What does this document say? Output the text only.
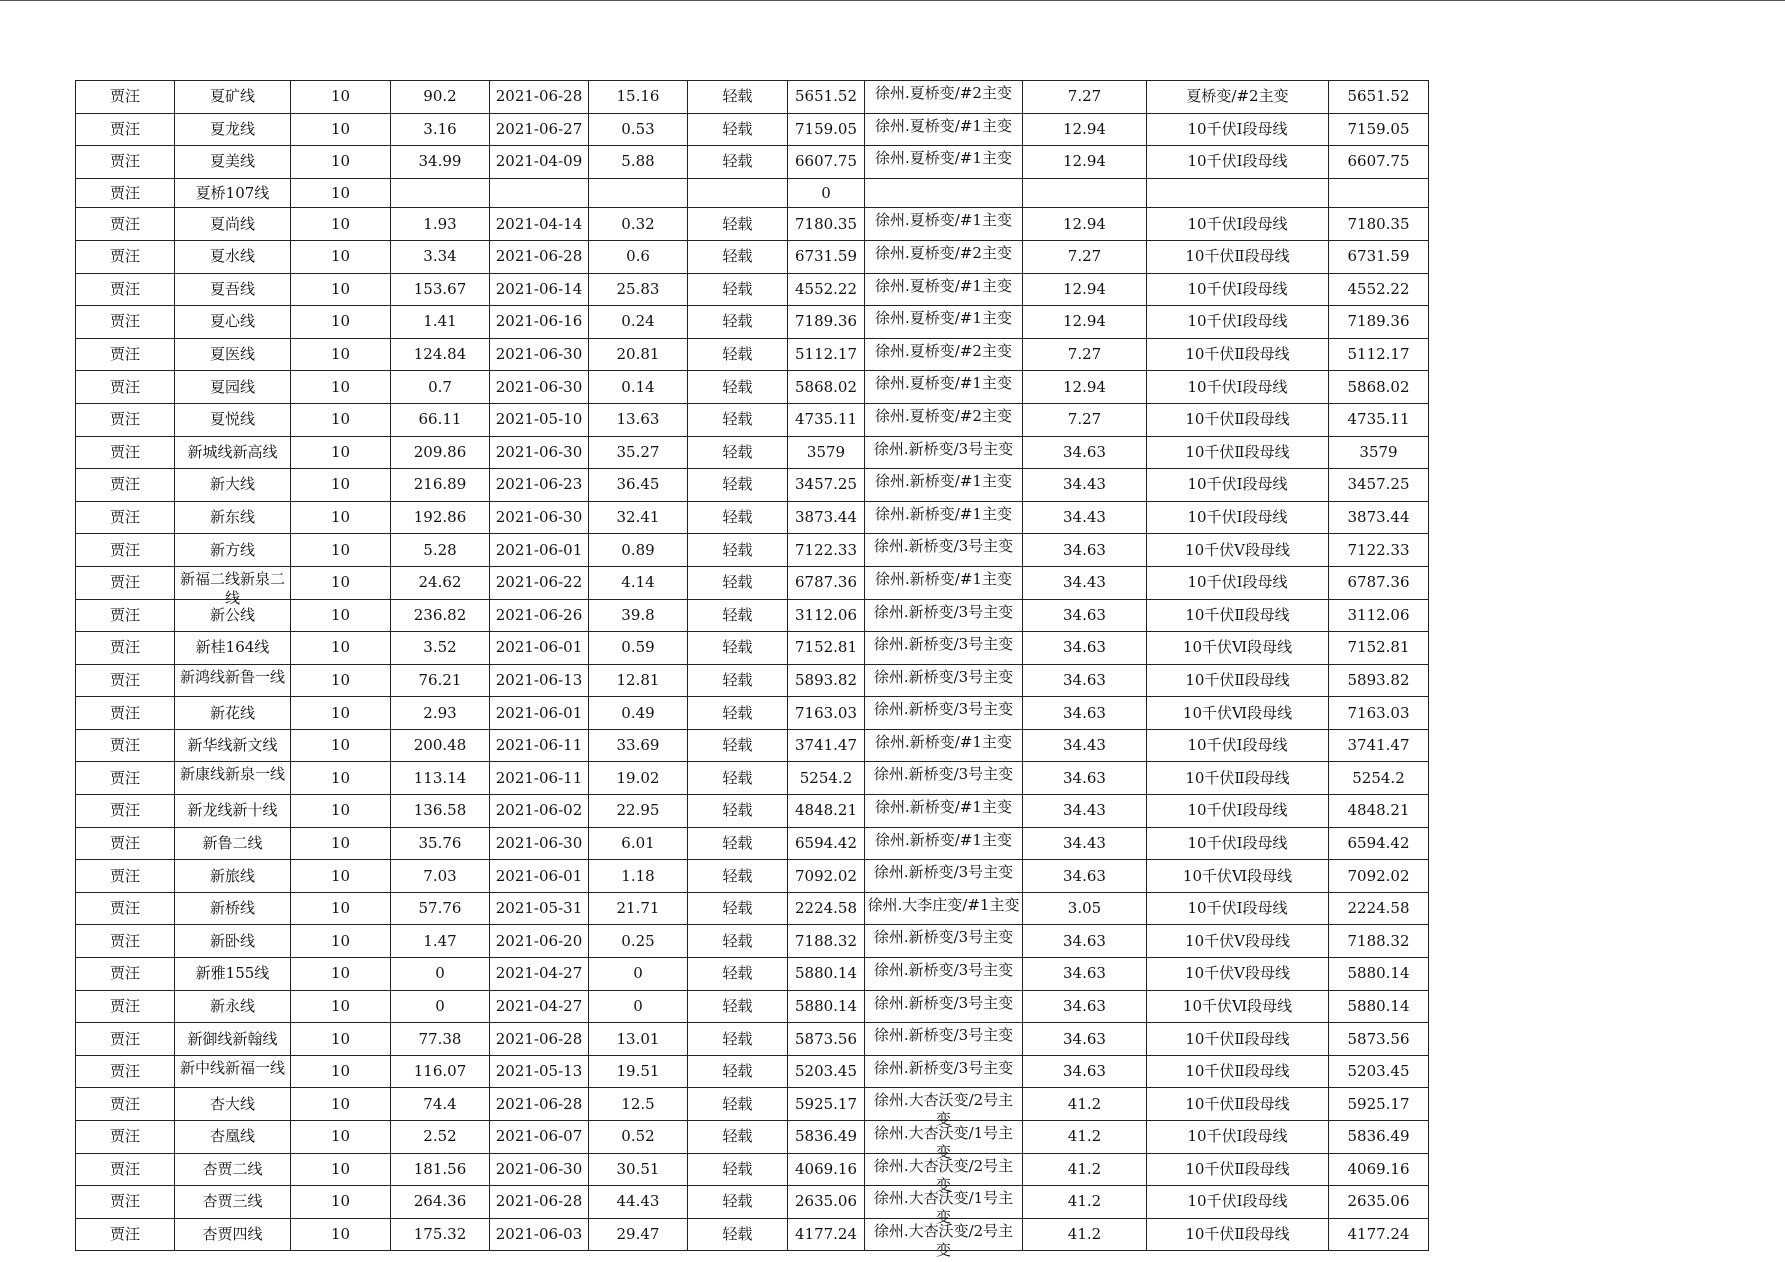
贾汪	夏矿线	10	90.2	2021-06-28	15.16	轻载	5651.52	徐州.夏桥变/#2主变	7.27	夏桥变/#2主变	5651.52
贾汪	夏龙线	10	3.16	2021-06-27	0.53	轻载	7159.05	徐州.夏桥变/#1主变	12.94	10千伏Ⅰ段母线	7159.05
贾汪	夏美线	10	34.99	2021-04-09	5.88	轻载	6607.75	徐州.夏桥变/#1主变	12.94	10千伏Ⅰ段母线	6607.75
贾汪	夏桥107线	10					0				
贾汪	夏尚线	10	1.93	2021-04-14	0.32	轻载	7180.35	徐州.夏桥变/#1主变	12.94	10千伏Ⅰ段母线	7180.35
贾汪	夏水线	10	3.34	2021-06-28	0.6	轻载	6731.59	徐州.夏桥变/#2主变	7.27	10千伏Ⅱ段母线	6731.59
贾汪	夏吾线	10	153.67	2021-06-14	25.83	轻载	4552.22	徐州.夏桥变/#1主变	12.94	10千伏Ⅰ段母线	4552.22
贾汪	夏心线	10	1.41	2021-06-16	0.24	轻载	7189.36	徐州.夏桥变/#1主变	12.94	10千伏Ⅰ段母线	7189.36
贾汪	夏医线	10	124.84	2021-06-30	20.81	轻载	5112.17	徐州.夏桥变/#2主变	7.27	10千伏Ⅱ段母线	5112.17
贾汪	夏园线	10	0.7	2021-06-30	0.14	轻载	5868.02	徐州.夏桥变/#1主变	12.94	10千伏Ⅰ段母线	5868.02
贾汪	夏悦线	10	66.11	2021-05-10	13.63	轻载	4735.11	徐州.夏桥变/#2主变	7.27	10千伏Ⅱ段母线	4735.11
贾汪	新城线新高线	10	209.86	2021-06-30	35.27	轻载	3579	徐州.新桥变/3号主变	34.63	10千伏Ⅱ段母线	3579
贾汪	新大线	10	216.89	2021-06-23	36.45	轻载	3457.25	徐州.新桥变/#1主变	34.43	10千伏Ⅰ段母线	3457.25
贾汪	新东线	10	192.86	2021-06-30	32.41	轻载	3873.44	徐州.新桥变/#1主变	34.43	10千伏Ⅰ段母线	3873.44
贾汪	新方线	10	5.28	2021-06-01	0.89	轻载	7122.33	徐州.新桥变/3号主变	34.63	10千伏Ⅴ段母线	7122.33
贾汪	新福二线新泉二线	10	24.62	2021-06-22	4.14	轻载	6787.36	徐州.新桥变/#1主变	34.43	10千伏Ⅰ段母线	6787.36
贾汪	新公线	10	236.82	2021-06-26	39.8	轻载	3112.06	徐州.新桥变/3号主变	34.63	10千伏Ⅱ段母线	3112.06
贾汪	新桂164线	10	3.52	2021-06-01	0.59	轻载	7152.81	徐州.新桥变/3号主变	34.63	10千伏Ⅵ段母线	7152.81
贾汪	新鸿线新鲁一线	10	76.21	2021-06-13	12.81	轻载	5893.82	徐州.新桥变/3号主变	34.63	10千伏Ⅱ段母线	5893.82
贾汪	新花线	10	2.93	2021-06-01	0.49	轻载	7163.03	徐州.新桥变/3号主变	34.63	10千伏Ⅵ段母线	7163.03
贾汪	新华线新文线	10	200.48	2021-06-11	33.69	轻载	3741.47	徐州.新桥变/#1主变	34.43	10千伏Ⅰ段母线	3741.47
贾汪	新康线新泉一线	10	113.14	2021-06-11	19.02	轻载	5254.2	徐州.新桥变/3号主变	34.63	10千伏Ⅱ段母线	5254.2
贾汪	新龙线新十线	10	136.58	2021-06-02	22.95	轻载	4848.21	徐州.新桥变/#1主变	34.43	10千伏Ⅰ段母线	4848.21
贾汪	新鲁二线	10	35.76	2021-06-30	6.01	轻载	6594.42	徐州.新桥变/#1主变	34.43	10千伏Ⅰ段母线	6594.42
贾汪	新旅线	10	7.03	2021-06-01	1.18	轻载	7092.02	徐州.新桥变/3号主变	34.63	10千伏Ⅵ段母线	7092.02
贾汪	新桥线	10	57.76	2021-05-31	21.71	轻载	2224.58	徐州.大李庄变/#1主变	3.05	10千伏Ⅰ段母线	2224.58
贾汪	新卧线	10	1.47	2021-06-20	0.25	轻载	7188.32	徐州.新桥变/3号主变	34.63	10千伏Ⅴ段母线	7188.32
贾汪	新雅155线	10	0	2021-04-27	0	轻载	5880.14	徐州.新桥变/3号主变	34.63	10千伏Ⅴ段母线	5880.14
贾汪	新永线	10	0	2021-04-27	0	轻载	5880.14	徐州.新桥变/3号主变	34.63	10千伏Ⅵ段母线	5880.14
贾汪	新御线新翰线	10	77.38	2021-06-28	13.01	轻载	5873.56	徐州.新桥变/3号主变	34.63	10千伏Ⅱ段母线	5873.56
贾汪	新中线新福一线	10	116.07	2021-05-13	19.51	轻载	5203.45	徐州.新桥变/3号主变	34.63	10千伏Ⅱ段母线	5203.45
贾汪	杏大线	10	74.4	2021-06-28	12.5	轻载	5925.17	徐州.大杏沃变/2号主变	41.2	10千伏Ⅱ段母线	5925.17
贾汪	杏凰线	10	2.52	2021-06-07	0.52	轻载	5836.49	徐州.大杏沃变/1号主变	41.2	10千伏Ⅰ段母线	5836.49
贾汪	杏贾二线	10	181.56	2021-06-30	30.51	轻载	4069.16	徐州.大杏沃变/2号主变	41.2	10千伏Ⅱ段母线	4069.16
贾汪	杏贾三线	10	264.36	2021-06-28	44.43	轻载	2635.06	徐州.大杏沃变/1号主变	41.2	10千伏Ⅰ段母线	2635.06
贾汪	杏贾四线	10	175.32	2021-06-03	29.47	轻载	4177.24	徐州.大杏沃变/2号主变	41.2	10千伏Ⅱ段母线	4177.24
